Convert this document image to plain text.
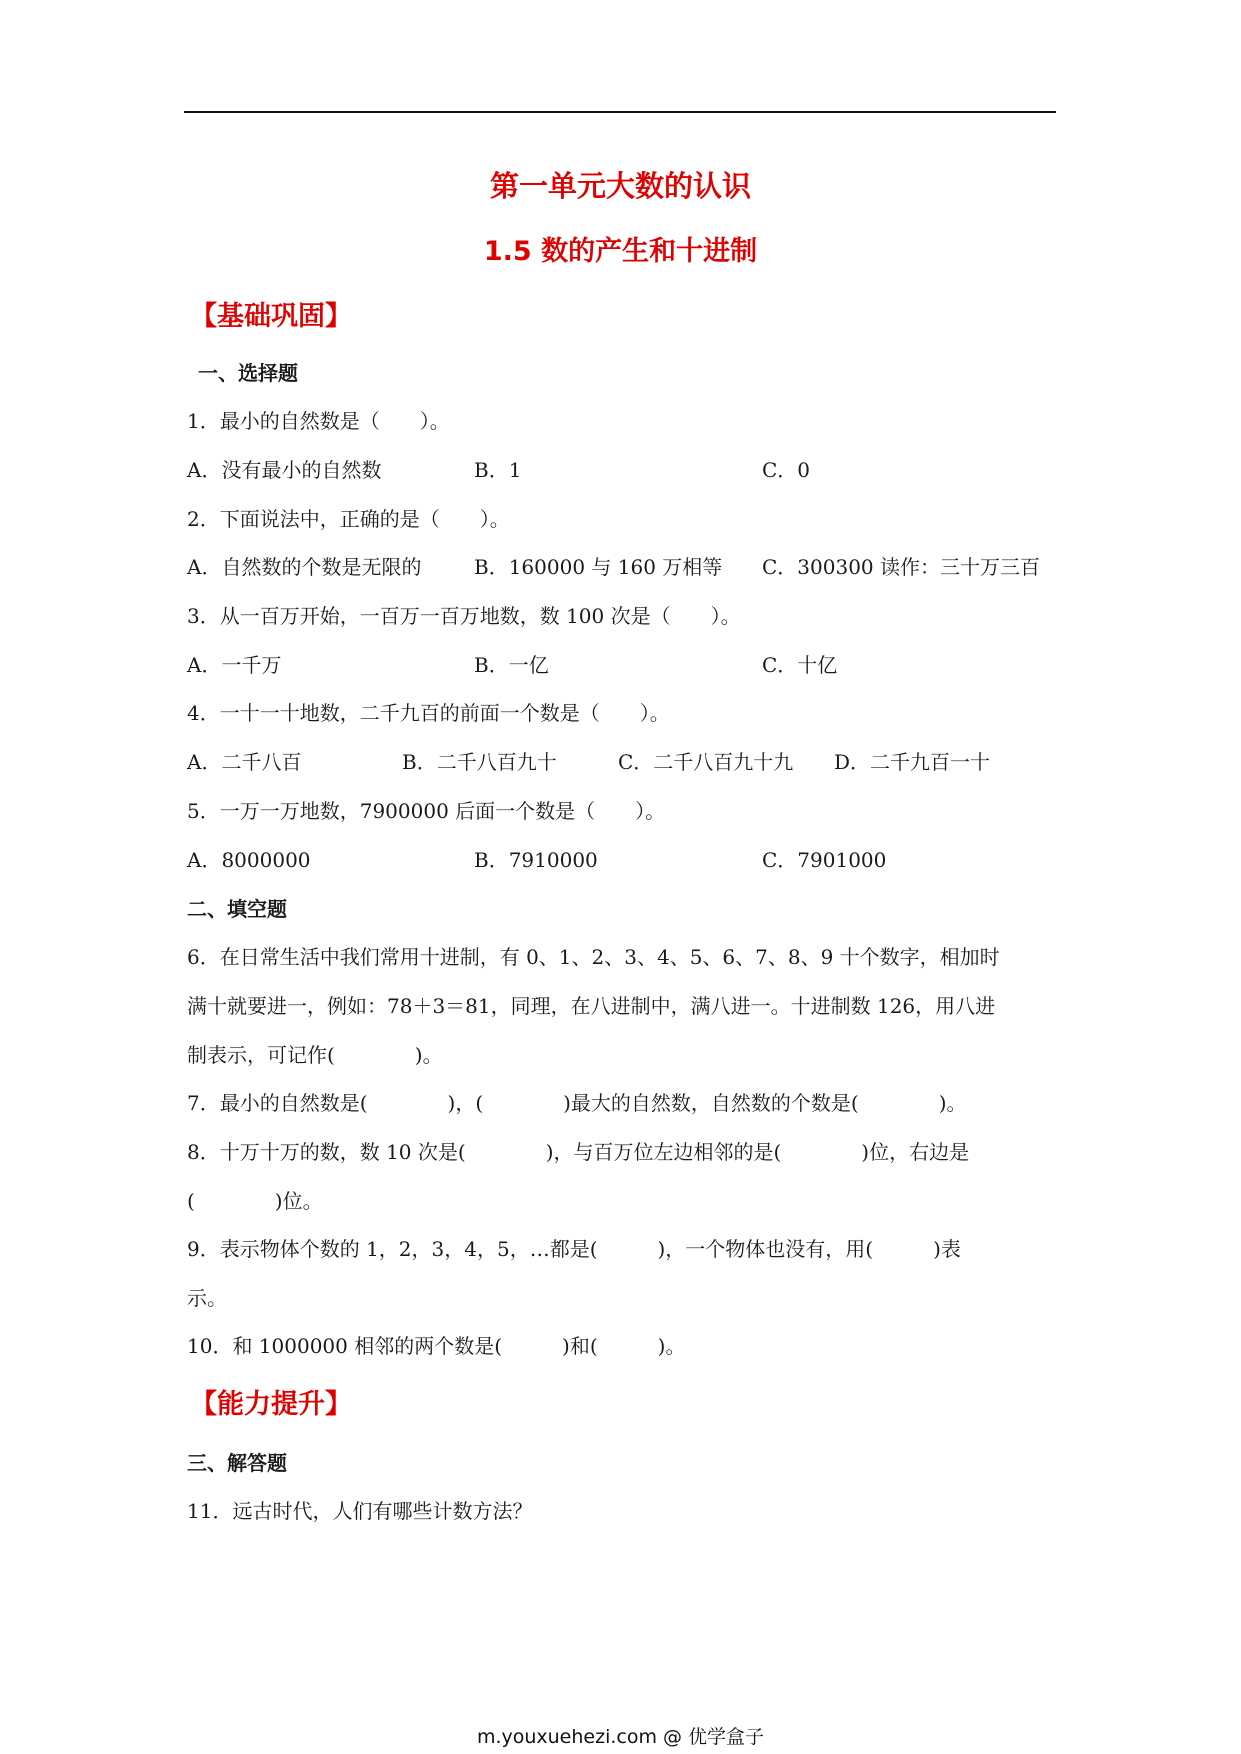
第一单元大数的认识
1.5 数的产生和十进制
【基础巩固】
一、选择题
1．最小的自然数是（　　）。
A．没有最小的自然数	B．1	C．0
2．下面说法中，正确的是（　　）。
A．自然数的个数是无限的	B．160000 与 160 万相等 C．300300 读作：三十万三百
3．从一百万开始，一百万一百万地数，数 100 次是（　　）。
A．一千万	B．一亿	C．十亿
4．一十一十地数，二千九百的前面一个数是（　　）。
A．二千八百	B．二千八百九十	C．二千八百九十九 D．二千九百一十
5．一万一万地数，7900000 后面一个数是（　　）。
A．8000000	B．7910000	C．7901000
二、填空题
6．在日常生活中我们常用十进制，有 0、1、2、3、4、5、6、7、8、9 十个数字，相加时
满十就要进一，例如：78＋3＝81，同理，在八进制中，满八进一。十进制数 126，用八进
制表示，可记作(　　　　)。
7．最小的自然数是(　　　　)，(　　　　)最大的自然数，自然数的个数是(　　　　)。
8．十万十万的数，数 10 次是(　　　　)，与百万位左边相邻的是(　　　　)位，右边是
(　　　　)位。
9．表示物体个数的 1，2，3，4，5，…都是(　　　)，一个物体也没有，用(　　　)表
示。
10．和 1000000 相邻的两个数是(　　　)和(　　　)。
【能力提升】
三、解答题
11．远古时代，人们有哪些计数方法？
m.youxuehezi.com @ 优学盒子
